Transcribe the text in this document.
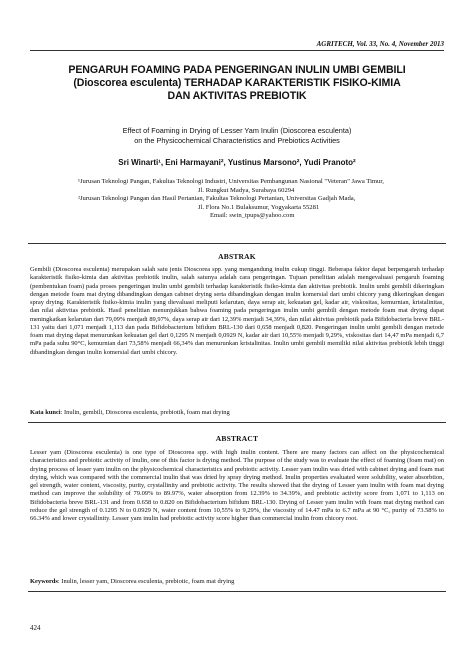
AGRITECH, Vol. 33, No. 4, November 2013
PENGARUH FOAMING PADA PENGERINGAN INULIN UMBI GEMBILI
(Dioscorea esculenta) TERHADAP KARAKTERISTIK FISIKO-KIMIA
DAN AKTIVITAS PREBIOTIK
Effect of Foaming in Drying of Lesser Yam Inulin (Dioscorea esculenta)
on the Physicochemical Characteristics and Prebiotics Activities
Sri Winarti¹, Eni Harmayani², Yustinus Marsono², Yudi Pranoto²
¹Jurusan Teknologi Pangan, Fakultas Teknologi Industri, Universitas Pembangunan Nasional "Veteran" Jawa Timur,
Jl. Rungkut Madya, Surabaya 60294
²Jurusan Teknologi Pangan dan Hasil Pertanian, Fakultas Teknologi Pertanian, Universitas Gadjah Mada,
Jl. Flora No.1 Bulaksumur, Yogyakarta 55281
Email: swin_tpups@yahoo.com
ABSTRAK
Gembili (Dioscorea esculenta) merupakan salah satu jenis Dioscorea spp. yang mengandung inulin cukup tinggi. Beberapa faktor dapat berpengaruh terhadap karakteristik fisiko-kimia dan aktivitas prebiotik inulin, salah satunya adalah cara pengeringan. Tujuan penelitian adalah mengevaluasi pengaruh foaming (pembentukan foam) pada proses pengeringan inulin umbi gembili terhadap karakteristik fisiko-kimia dan aktivitas prebiotik. Inulin umbi gembili dikeringkan dengan metode foam mat drying dibandingkan dengan cabinet drying serta dibandingkan dengan inulin komersial dari umbi chicory yang dikeringkan dengan spray drying. Karakteristik fisiko-kimia inulin yang dievaluasi meliputi kelarutan, daya serap air, kekuatan gel, kadar air, viskositas, kemurnian, kristalinitas, dan nilai aktivitas prebiotik. Hasil penelitian menunjukkan bahwa foaming pada pengeringan inulin umbi gembili dengan metode foam mat drying dapat meningkatkan kelarutan dari 79,09% menjadi 89,97%, daya serap air dari 12,39% menjadi 34,39%, dan nilai aktivitas prebiotik pada Bifidobacteria breve BRL-131 yaitu dari 1,071 menjadi 1,113 dan pada Bifidobacterium bifidum BRL-130 dari 0,658 menjadi 0,820. Pengeringan inulin umbi gembili dengan metode foam mat drying dapat menurunkan kekuatan gel dari 0,1295 N menjadi 0,0929 N, kadar air dari 10,55% menjadi 9,29%, viskositas dari 14,47 mPa menjadi 6,7 mPa pada suhu 90°C, kemurnian dari 73,58% menjadi 66,34% dan menurunkan kristalinitas. Inulin umbi gembili memiliki nilai aktivitas prebiotik lebih tinggi dibandingkan dengan inulin komersial dari umbi chicory.
Kata kunci: Inulin, gembili, Dioscorea esculenta, prebiotik, foam mat drying
ABSTRACT
Lesser yam (Dioscorea esculenta) is one type of Dioscorea spp. with high inulin content. There are many factors can affect on the physicochemical characteristics and prebiotic activity of inulin, one of this factor is drying method. The purpose of the study was to evaluate the effect of foaming (foam mat) on drying process of lesser yam inulin on the physicochemical characteristics and prebiotic activity. Lesser yam inulin was dried with cabinet drying and foam mat drying, which was compared with the commercial inulin that was dried by spray drying method. Inulin properties evaluated were solubility, water absorbtion, gel strength, water content, viscosity, purity, crystallinity and prebiotic activity. The results showed that the drying of Lesser yam inulin with foam mat drying method can improve the solubility of 79.09% to 89.97%, water absorption from 12.39% to 34.39%, and prebiotic activity score from 1,071 to 1,113 on Bifidobacteria breve BRL-131 and from 0.658 to 0.820 on Bifidobacterium bifidum BRL-130. Drying of Lesser yam inulin with foam mat drying method can reduce the gel strength of 0.1295 N to 0.0929 N, water content from 10,55% to 9,29%, the viscosity of 14.47 mPa to 6.7 mPa at 90 °C, purity of 73.58% to 66.34% and lower crystallinity. Lesser yam inulin had prebiotic activity score higher than commercial inulin from chicory root.
Keywords: Inulin, lesser yam, Dioscorea esculenta, prebiotic, foam mat drying
424
